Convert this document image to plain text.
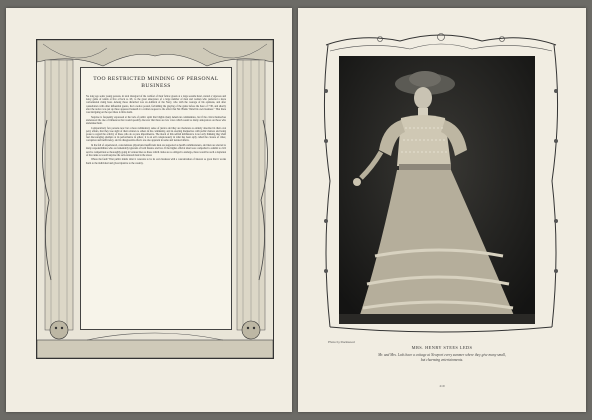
TOO RESTRICTED MINDING OF PERSONAL
BUSINESS

No long ago some young persons, in total disregard of the comfort of their fellow guests at a large seaside hotel, started a vigorous and noisy game of tennis at five o'clock A. M.; to the great annoyance of a large number of men and women who preferred a more conventional rising hour. Among those disturbed was an Admiral of the Navy, who with the courage of his opinions, and after consultation with other influential guests, had a notice posted, forbidding the playing of the game before the hour of 7:30, and shortly after the notice was put up three appeared beneath it a written request to the effect that Mr. Blank "mind his own business." That there was intriguing on the spot there is little doubt.

Surprise is frequently expressed at the lack of public spirit that blights many American communities, but if the critics themselves understood the rise of influences that would speedily discover that there are few votes which sound as many annoyances on those who undertake them.

Comparatively few persons now but a more rudimentary sense of justice and they are moderate as entirely absorbed in their own petty affairs, that they lose sight of their relation to others in the community, and in exerting themselves with public matters and being prone to regard the activity of those who do as pure impertinence. The moral of this selfish indifference is not only thinking they shall feel discouraging attempts at its performance in others; it is an evil conspicuously in what has been aptly called the closure of cities; corruption and inefficiency, and its disagreeable effects are also apparent in some and isolated affairs.

In the full of experienced, conscientious physicians insufficient men are supported as health commissioners, and men are elected to many responsibilities who are lamentably ignorant of both finance and law. If the higher official ideal were compelled to submit to civil service competition so thoroughly going in various lines as those which clerks are so obliged to undergo, there would be such a depletion of the ranks as would surprise the self-centered man in the street.

Where the fault? That public minds what it concerns to be its own business with a concentration of interest so great that it works harm to the individual and gives injustice to the country.

Photo by Rockwood
MRS. HENRY STEES LEDS
Mr. and Mrs. Leds have a cottage at Newport every summer where they give many small, but charming entertainments.
219
